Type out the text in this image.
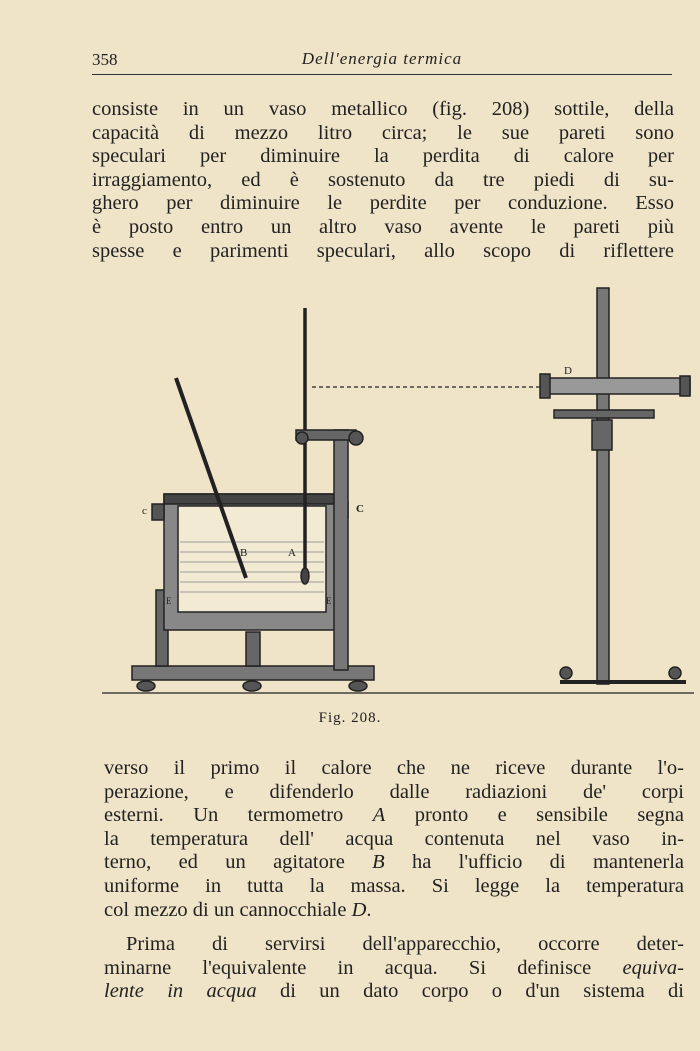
358	Dell'energia termica
consiste in un vaso metallico (fig. 208) sottile, della
capacità di mezzo litro circa; le sue pareti sono
speculari per diminuire la perdita di calore per
irraggiamento, ed è sostenuto da tre piedi di su-
ghero per diminuire le perdite per conduzione. Esso
è posto entro un altro vaso avente le pareti più
spesse e parimenti speculari, allo scopo di riflettere
c	C
B	A
D
E	E
Fig. 208.
verso il primo il calore che ne riceve durante l'o-
perazione, e difenderlo dalle radiazioni de' corpi
esterni. Un termometro A pronto e sensibile segna
la temperatura dell' acqua contenuta nel vaso in-
terno, ed un agitatore B ha l'ufficio di mantenerla
uniforme in tutta la massa. Si legge la temperatura
col mezzo di un cannocchiale D.
Prima di servirsi dell'apparecchio, occorre deter-
minarne l'equivalente in acqua. Si definisce equiva-
lente in acqua di un dato corpo o d'un sistema di
